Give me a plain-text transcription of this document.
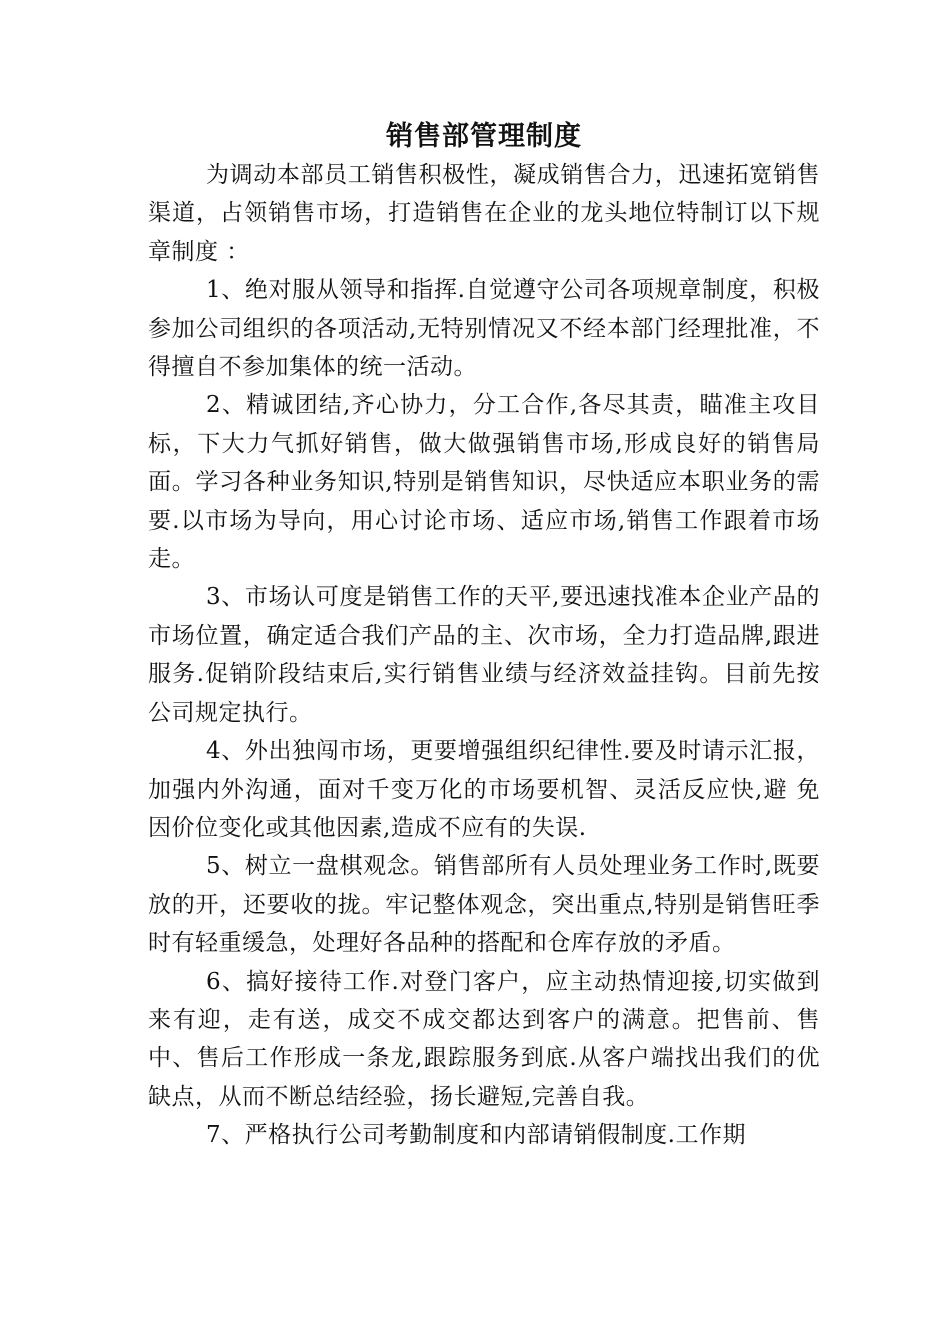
销售部管理制度

为调动本部员工销售积极性，凝成销售合力，迅速拓宽销售渠道，占领销售市场，打造销售在企业的龙头地位特制订以下规章制度 ：

1、绝对服从领导和指挥.自觉遵守公司各项规章制度，积极参加公司组织的各项活动,无特别情况又不经本部门经理批准，不得擅自不参加集体的统一活动。

2、精诚团结,齐心协力，分工合作,各尽其责，瞄准主攻目标，下大力气抓好销售，做大做强销售市场,形成良好的销售局面。学习各种业务知识,特别是销售知识，尽快适应本职业务的需要.以市场为导向，用心讨论市场、适应市场,销售工作跟着市场走。

3、市场认可度是销售工作的天平,要迅速找准本企业产品的市场位置，确定适合我们产品的主、次市场，全力打造品牌,跟进服务.促销阶段结束后,实行销售业绩与经济效益挂钩。目前先按公司规定执行。

4、外出独闯市场，更要增强组织纪律性.要及时请示汇报，加强内外沟通，面对千变万化的市场要机智、灵活反应快,避 免因价位变化或其他因素,造成不应有的失误.

5、树立一盘棋观念。销售部所有人员处理业务工作时,既要放的开，还要收的拢。牢记整体观念，突出重点,特别是销售旺季时有轻重缓急，处理好各品种的搭配和仓库存放的矛盾。

6、搞好接待工作.对登门客户，应主动热情迎接,切实做到来有迎，走有送，成交不成交都达到客户的满意。把售前、售中、售后工作形成一条龙,跟踪服务到底.从客户端找出我们的优缺点，从而不断总结经验，扬长避短,完善自我。

7、严格执行公司考勤制度和内部请销假制度.工作期
